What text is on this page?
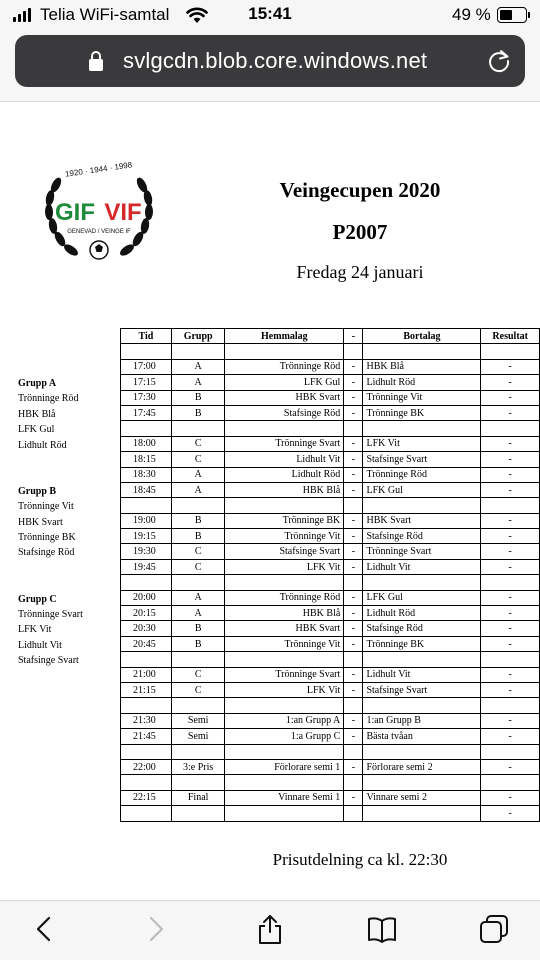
Telia WiFi-samtal	15:41	49 %
svlgcdn.blob.core.windows.net
1920 · 1944 · 1998
GIF VIF
GENEVAD / VEINGE IF
Veingecupen 2020
P2007
Fredag 24 januari
Grupp A
Trönninge Röd
HBK Blå
LFK Gul
Lidhult Röd
Grupp B
Trönninge Vit
HBK Svart
Trönninge BK
Stafsinge Röd
Grupp C
Trönninge Svart
LFK Vit
Lidhult Vit
Stafsinge Svart
Tid	Grupp	Hemmalag	-	Bortalag	Resultat

17:00	A	Trönninge Röd	-	HBK Blå	-
17:15	A	LFK Gul	-	Lidhult Röd	-
17:30	B	HBK Svart	-	Trönninge Vit	-
17:45	B	Stafsinge Röd	-	Trönninge BK	-

18:00	C	Trönninge Svart	-	LFK Vit	-
18:15	C	Lidhult Vit	-	Stafsinge Svart	-
18:30	A	Lidhult Röd	-	Trönninge Röd	-
18:45	A	HBK Blå	-	LFK Gul	-

19:00	B	Trönninge BK	-	HBK Svart	-
19:15	B	Trönninge Vit	-	Stafsinge Röd	-
19:30	C	Stafsinge Svart	-	Trönninge Svart	-
19:45	C	LFK Vit	-	Lidhult Vit	-

20:00	A	Trönninge Röd	-	LFK Gul	-
20:15	A	HBK Blå	-	Lidhult Röd	-
20:30	B	HBK Svart	-	Stafsinge Röd	-
20:45	B	Trönninge Vit	-	Trönninge BK	-

21:00	C	Trönninge Svart	-	Lidhult Vit	-
21:15	C	LFK Vit	-	Stafsinge Svart	-

21:30	Semi	1:an Grupp A	-	1:an Grupp B	-
21:45	Semi	1:a Grupp C	-	Bästa tvåan	-

22:00	3:e Pris	Förlorare semi 1	-	Förlorare semi 2	-

22:15	Final	Vinnare Semi 1	-	Vinnare semi 2	-
					-
Prisutdelning ca kl. 22:30
